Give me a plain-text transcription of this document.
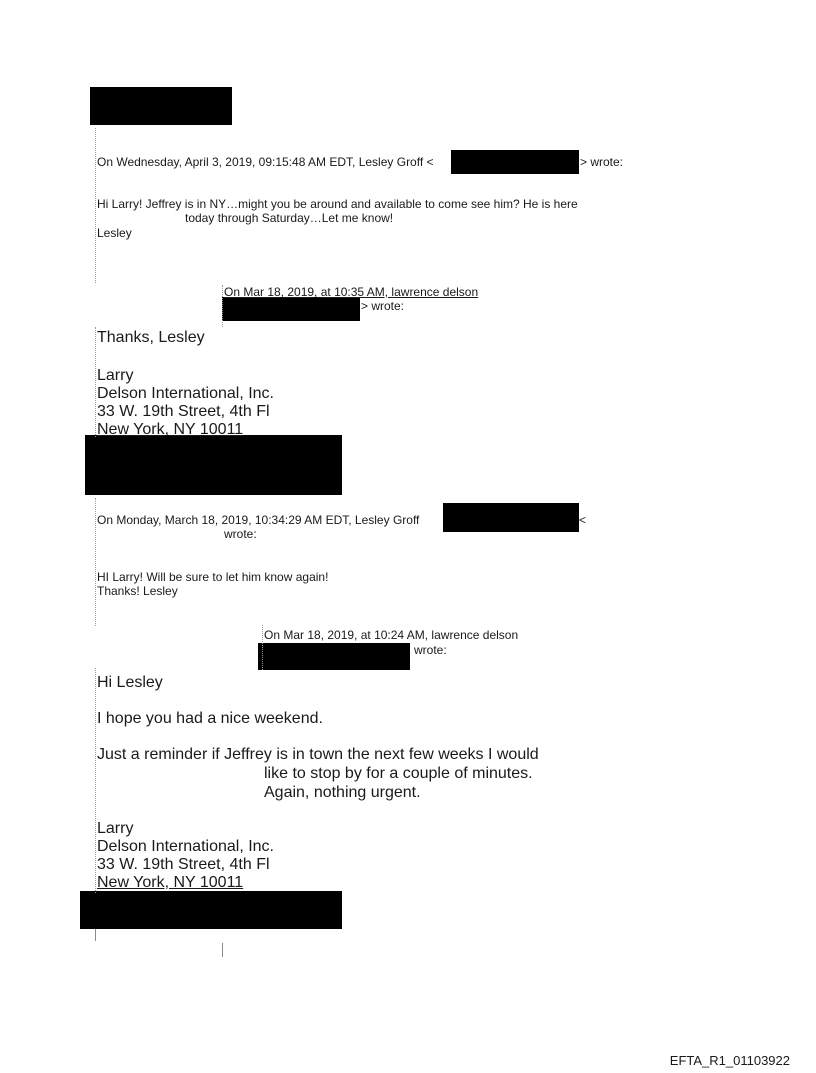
On Wednesday, April 3, 2019, 09:15:48 AM EDT, Lesley Groff <	> wrote:
Hi Larry! Jeffrey is in NY…might you be around and available to come see him? He is here
today through Saturday…Let me know!
Lesley
On Mar 18, 2019, at 10:35 AM, lawrence delson
> wrote:
Thanks, Lesley
Larry
Delson International, Inc.
33 W. 19th Street, 4th Fl
New York, NY 10011
On Monday, March 18, 2019, 10:34:29 AM EDT, Lesley Groff	<
wrote:
HI Larry! Will be sure to let him know again!
Thanks! Lesley
On Mar 18, 2019, at 10:24 AM, lawrence delson
wrote:
Hi Lesley
I hope you had a nice weekend.
Just a reminder if Jeffrey is in town the next few weeks I would
like to stop by for a couple of minutes.
Again, nothing urgent.
Larry
Delson International, Inc.
33 W. 19th Street, 4th Fl
New York, NY 10011
EFTA_R1_01103922
